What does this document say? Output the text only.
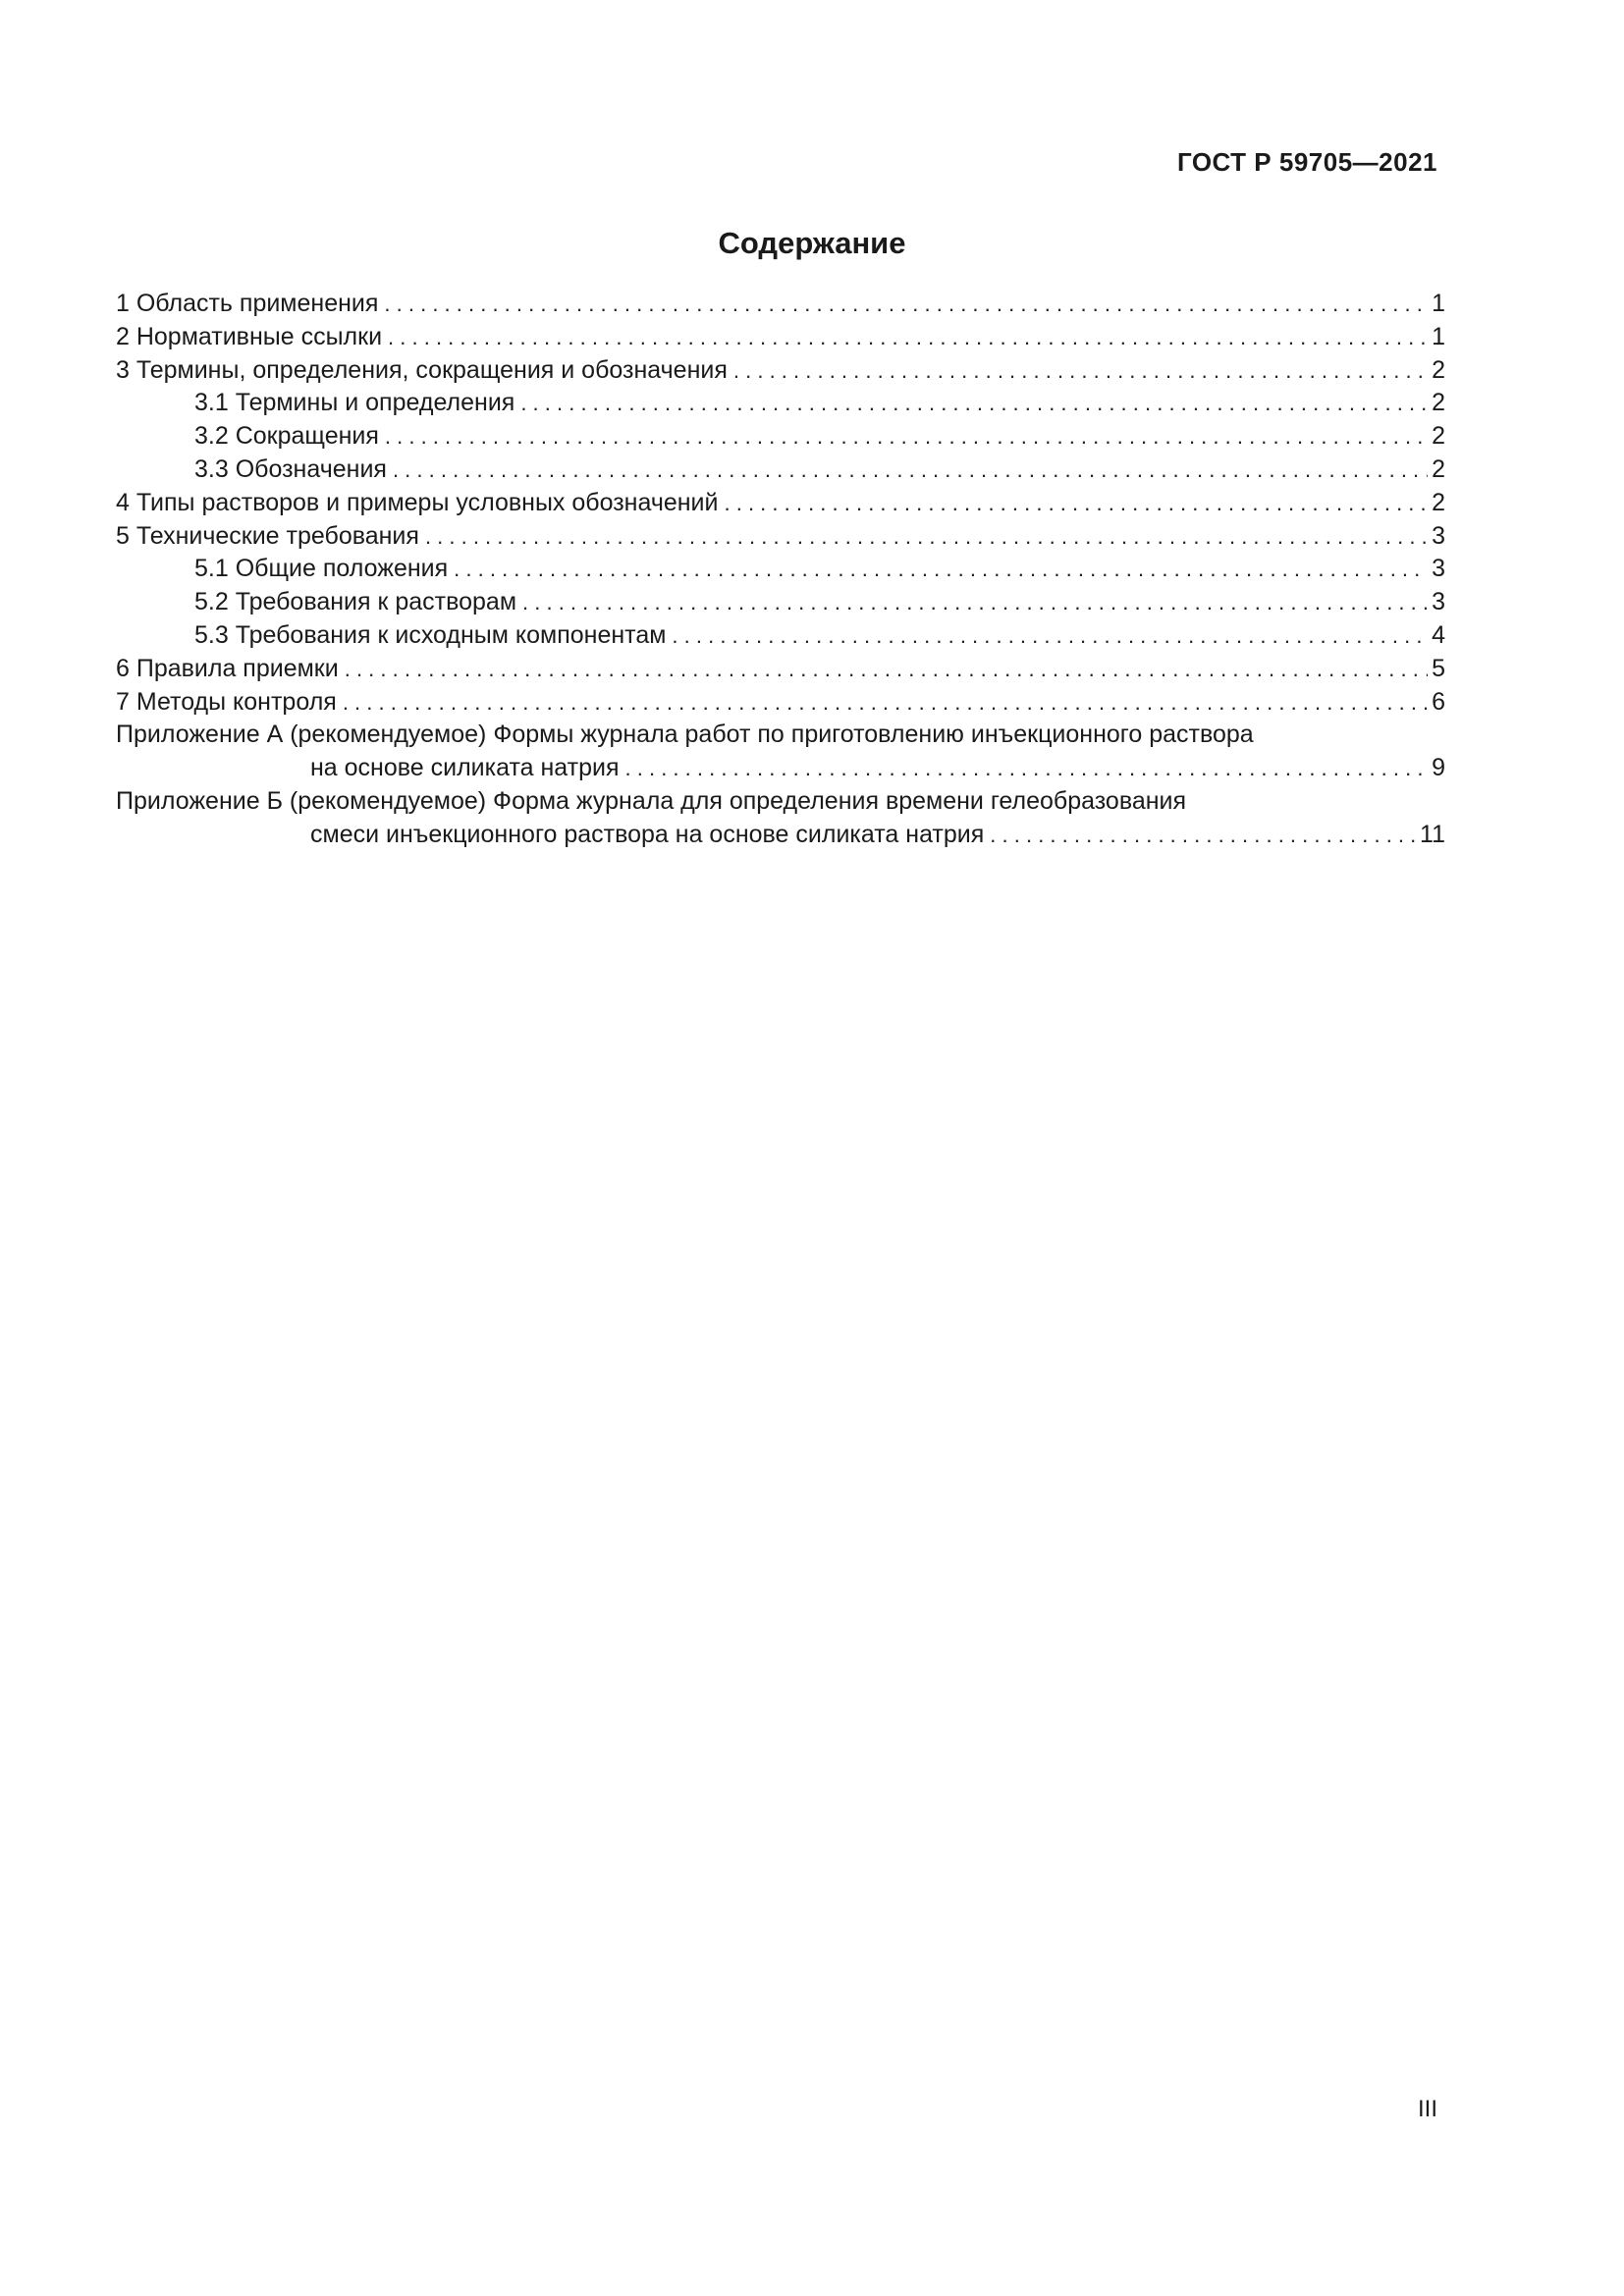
ГОСТ Р 59705—2021
Содержание
1 Область применения . . .	1
2 Нормативные ссылки . . .	1
3 Термины, определения, сокращения и обозначения . . .	2
3.1 Термины и определения . . .	2
3.2 Сокращения . . .	2
3.3 Обозначения . . .	2
4 Типы растворов и примеры условных обозначений . . .	2
5 Технические требования . . .	3
5.1 Общие положения . . .	3
5.2 Требования к растворам . . .	3
5.3 Требования к исходным компонентам . . .	4
6 Правила приемки . . .	5
7 Методы контроля . . .	6
Приложение А (рекомендуемое) Формы журнала работ по приготовлению инъекционного раствора
на основе силиката натрия . . .	9
Приложение Б (рекомендуемое) Форма журнала для определения времени гелеобразования
смеси инъекционного раствора на основе силиката натрия . . .	11
III
